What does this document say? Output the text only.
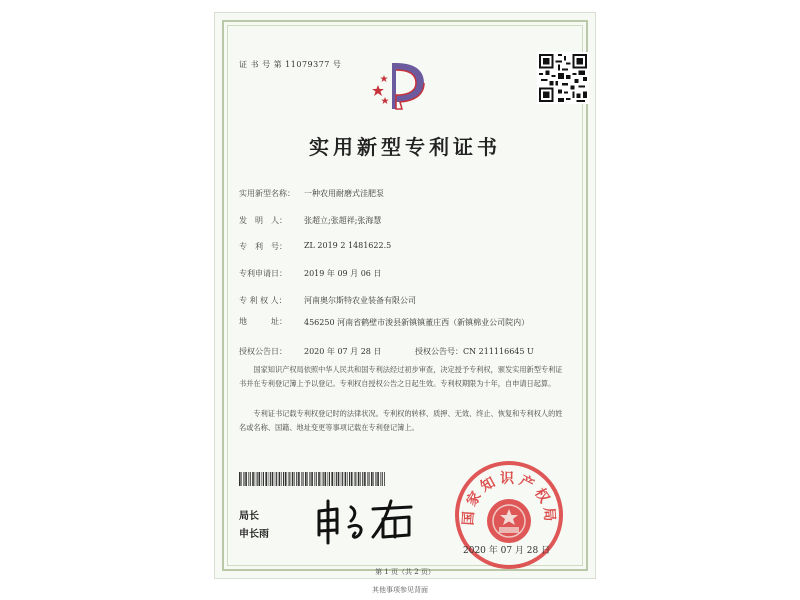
证 书 号 第 11079377 号
实用新型专利证书
实用新型名称：	一种农用耐磨式洼肥泵
发　明　人：	张超立;张超祥;张海慧
专　利　号：	ZL 2019 2 1481622.5
专利申请日：	2019 年 09 月 06 日
专 利 权 人：	河南奥尔斯特农业装备有限公司
地　　　址：	456250 河南省鹤壁市浚县新镇镇董庄西（新镇棉业公司院内）
授权公告日：	2020 年 07 月 28 日	授权公告号：CN 211116645 U
国家知识产权局依照中华人民共和国专利法经过初步审查，决定授予专利权，颁发实用新型专利证书并在专利登记簿上予以登记。专利权自授权公告之日起生效。专利权期限为十年，自申请日起算。
专利证书记载专利权登记时的法律状况。专利权的转移、质押、无效、终止、恢复和专利权人的姓名或名称、国籍、地址变更等事项记载在专利登记簿上。
局长
申长雨
国家知识产权局
2020 年 07 月 28 日
第 1 页（共 2 页）
其他事项参见背面
